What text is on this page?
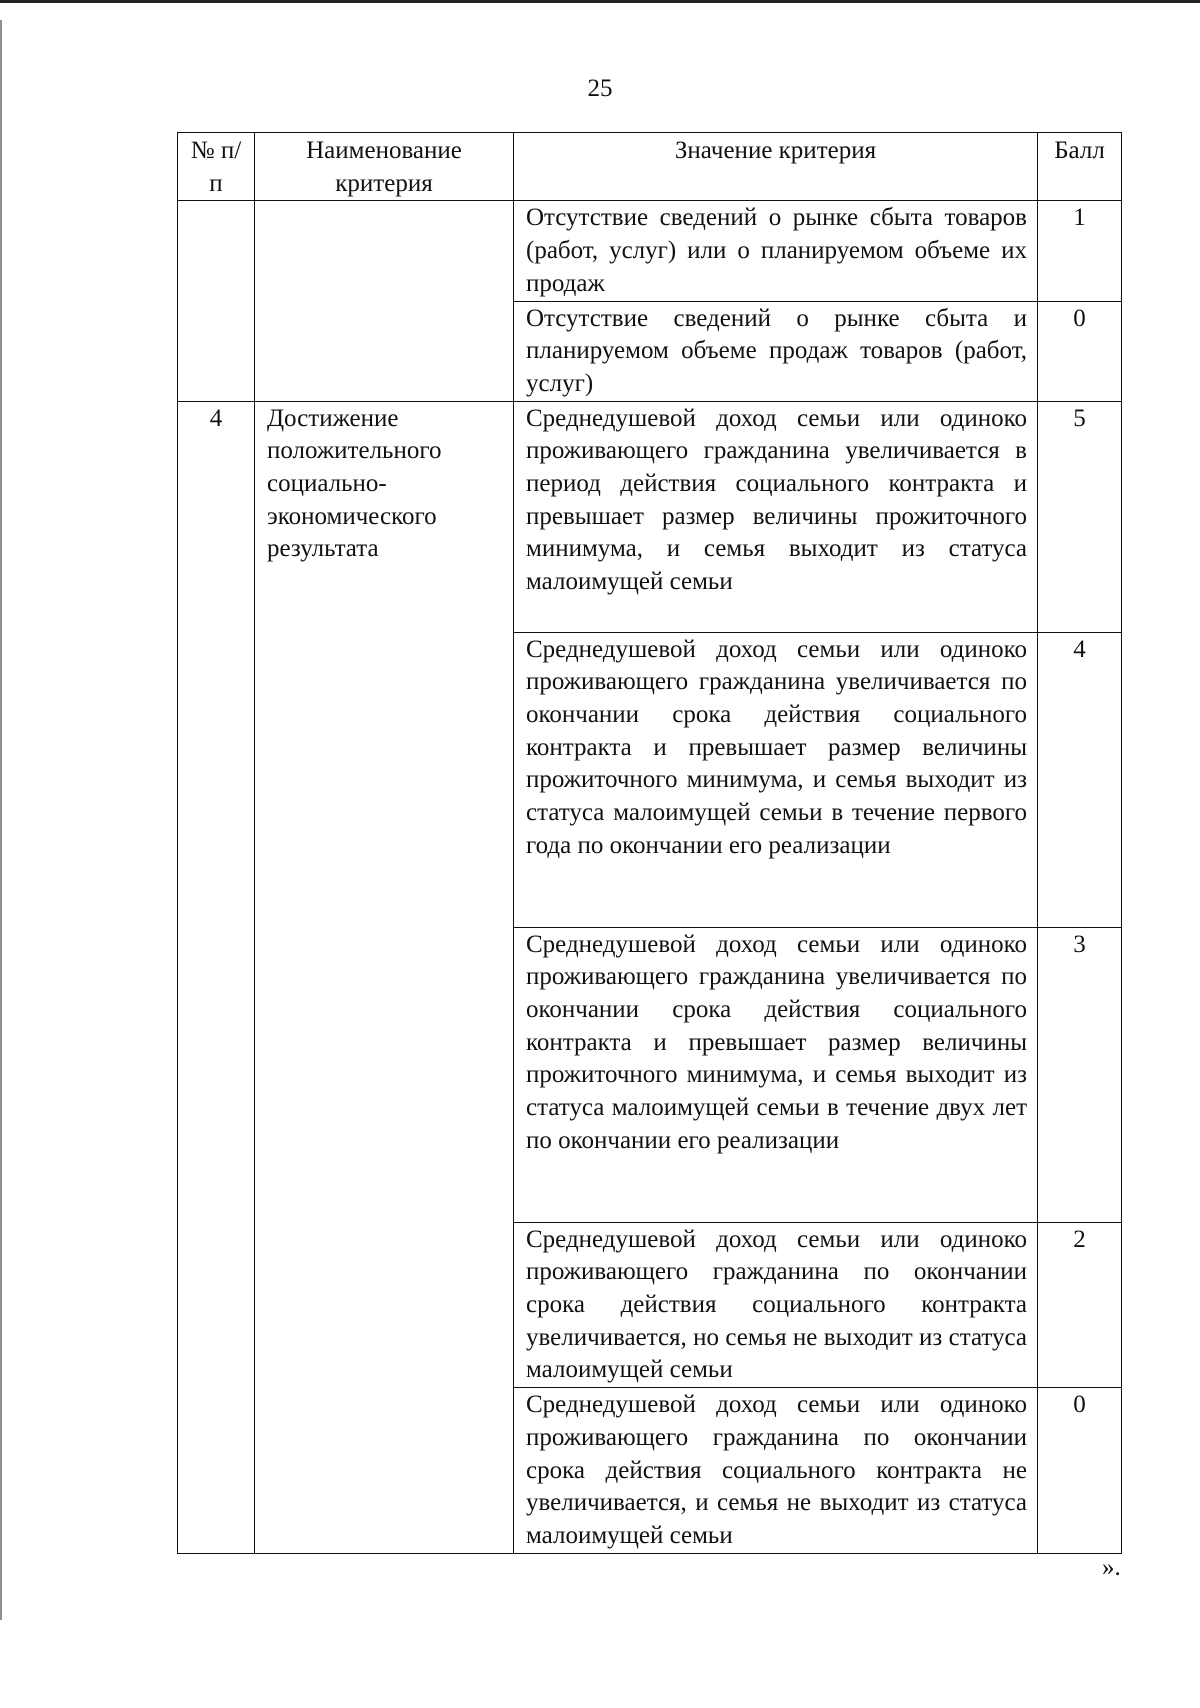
25
№ п/п	Наименование критерия	Значение критерия	Балл
		Отсутствие сведений о рынке сбыта товаров (работ, услуг) или о планируемом объеме их продаж	1
		Отсутствие сведений о рынке сбыта и планируемом объеме продаж товаров (работ, услуг)	0
4	Достижение положительного социально-экономического результата	Среднедушевой доход семьи или одиноко проживающего гражданина увеличивается в период действия социального контракта и превышает размер величины прожиточного минимума, и семья выходит из статуса малоимущей семьи	5
		Среднедушевой доход семьи или одиноко проживающего гражданина увеличивается по окончании срока действия социального контракта и превышает размер величины прожиточного минимума, и семья выходит из статуса малоимущей семьи в течение первого года по окончании его реализации	4
		Среднедушевой доход семьи или одиноко проживающего гражданина увеличивается по окончании срока действия социального контракта и превышает размер величины прожиточного минимума, и семья выходит из статуса малоимущей семьи в течение двух лет по окончании его реализации	3
		Среднедушевой доход семьи или одиноко проживающего гражданина по окончании срока действия социального контракта увеличивается, но семья не выходит из статуса малоимущей семьи	2
		Среднедушевой доход семьи или одиноко проживающего гражданина по окончании срока действия социального контракта не увеличивается, и семья не выходит из статуса малоимущей семьи	0
».
